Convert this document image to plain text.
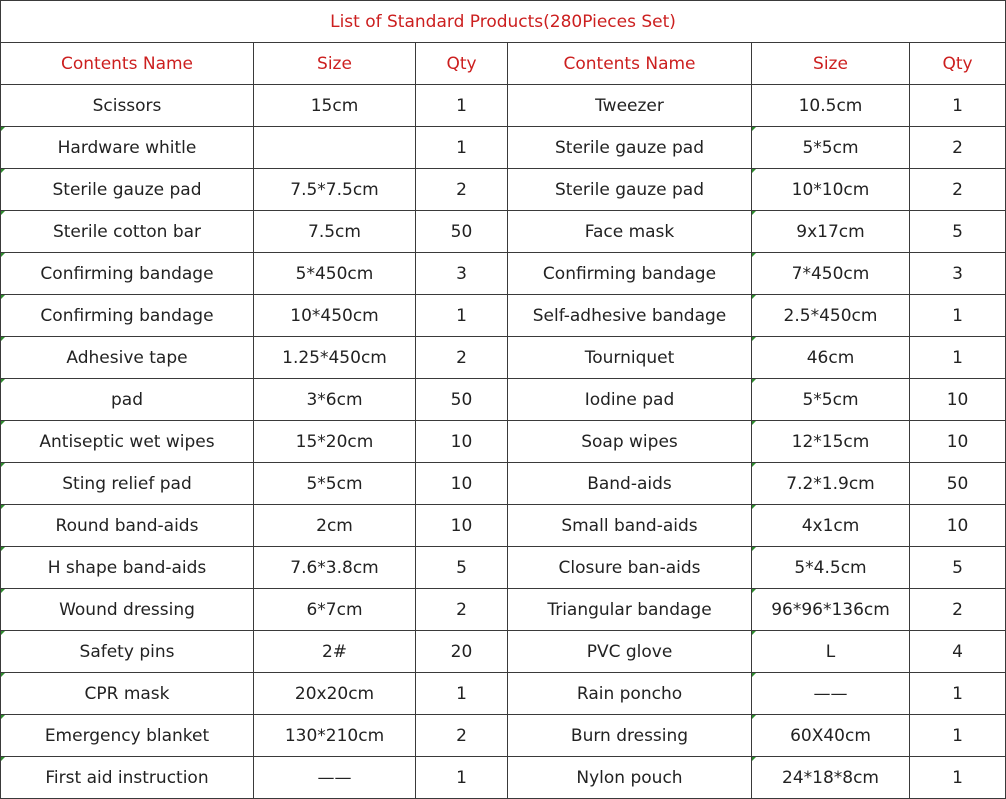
List of Standard Products(280Pieces Set)					
Contents Name	Size	Qty	Contents Name	Size	Qty
Scissors	15cm	1	Tweezer	10.5cm	1
Hardware whitle		1	Sterile gauze pad	5*5cm	2
Sterile gauze pad	7.5*7.5cm	2	Sterile gauze pad	10*10cm	2
Sterile cotton bar	7.5cm	50	Face mask	9x17cm	5
Confirming bandage	5*450cm	3	Confirming bandage	7*450cm	3
Confirming bandage	10*450cm	1	Self-adhesive bandage	2.5*450cm	1
Adhesive tape	1.25*450cm	2	Tourniquet	46cm	1
pad	3*6cm	50	Iodine pad	5*5cm	10
Antiseptic wet wipes	15*20cm	10	Soap wipes	12*15cm	10
Sting relief pad	5*5cm	10	Band-aids	7.2*1.9cm	50
Round band-aids	2cm	10	Small band-aids	4x1cm	10
H shape band-aids	7.6*3.8cm	5	Closure ban-aids	5*4.5cm	5
Wound dressing	6*7cm	2	Triangular bandage	96*96*136cm	2
Safety pins	2#	20	PVC glove	L	4
CPR mask	20x20cm	1	Rain poncho	——	1
Emergency blanket	130*210cm	2	Burn dressing	60X40cm	1
First aid instruction	——	1	Nylon pouch	24*18*8cm	1
